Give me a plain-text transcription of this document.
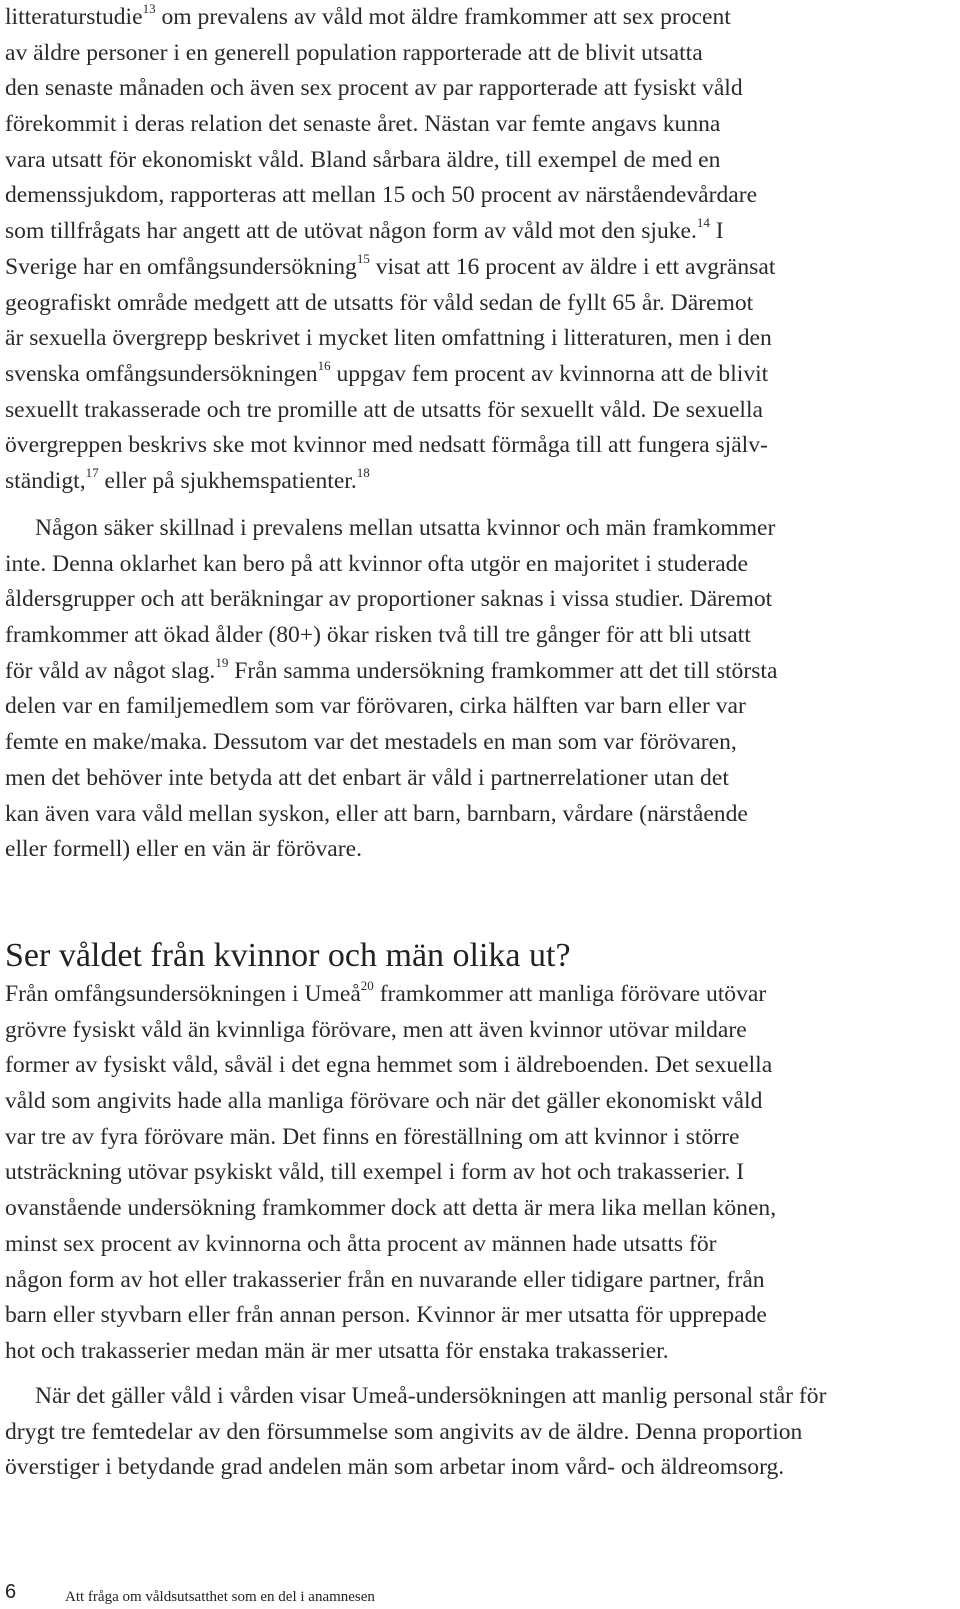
litteraturstudie$^{13}$ om prevalens av våld mot äldre framkommer att sex procent
av äldre personer i en generell population rapporterade att de blivit utsatta
den senaste månaden och även sex procent av par rapporterade att fysiskt våld
förekommit i deras relation det senaste året. Nästan var femte angavs kunna
vara utsatt för ekonomiskt våld. Bland sårbara äldre, till exempel de med en
demenssjukdom, rapporteras att mellan 15 och 50 procent av närståendevårdare
som tillfrågats har angett att de utövat någon form av våld mot den sjuke.$^{14}$ I
Sverige har en omfångsundersökning$^{15}$ visat att 16 procent av äldre i ett avgränsat
geografiskt område medgett att de utsatts för våld sedan de fyllt 65 år. Däremot
är sexuella övergrepp beskrivet i mycket liten omfattning i litteraturen, men i den
svenska omfångsundersökningen$^{16}$ uppgav fem procent av kvinnorna att de blivit
sexuellt trakasserade och tre promille att de utsatts för sexuellt våld. De sexuella
övergreppen beskrivs ske mot kvinnor med nedsatt förmåga till att fungera själv-
ständigt,$^{17}$ eller på sjukhemspatienter.$^{18}$
Någon säker skillnad i prevalens mellan utsatta kvinnor och män framkommer
inte. Denna oklarhet kan bero på att kvinnor ofta utgör en majoritet i studerade
åldersgrupper och att beräkningar av proportioner saknas i vissa studier. Däremot
framkommer att ökad ålder (80+) ökar risken två till tre gånger för att bli utsatt
för våld av något slag.$^{19}$ Från samma undersökning framkommer att det till största
delen var en familjemedlem som var förövaren, cirka hälften var barn eller var
femte en make/maka. Dessutom var det mestadels en man som var förövaren,
men det behöver inte betyda att det enbart är våld i partnerrelationer utan det
kan även vara våld mellan syskon, eller att barn, barnbarn, vårdare (närstående
eller formell) eller en vän är förövare.
Ser våldet från kvinnor och män olika ut?
Från omfångsundersökningen i Umeå$^{20}$ framkommer att manliga förövare utövar
grövre fysiskt våld än kvinnliga förövare, men att även kvinnor utövar mildare
former av fysiskt våld, såväl i det egna hemmet som i äldreboenden. Det sexuella
våld som angivits hade alla manliga förövare och när det gäller ekonomiskt våld
var tre av fyra förövare män. Det finns en föreställning om att kvinnor i större
utsträckning utövar psykiskt våld, till exempel i form av hot och trakasserier. I
ovanstående undersökning framkommer dock att detta är mera lika mellan könen,
minst sex procent av kvinnorna och åtta procent av männen hade utsatts för
någon form av hot eller trakasserier från en nuvarande eller tidigare partner, från
barn eller styvbarn eller från annan person. Kvinnor är mer utsatta för upprepade
hot och trakasserier medan män är mer utsatta för enstaka trakasserier.
När det gäller våld i vården visar Umeå-undersökningen att manlig personal står för
drygt tre femtedelar av den försummelse som angivits av de äldre. Denna proportion
överstiger i betydande grad andelen män som arbetar inom vård- och äldreomsorg.
6	Att fråga om våldsutsatthet som en del i anamnesen
